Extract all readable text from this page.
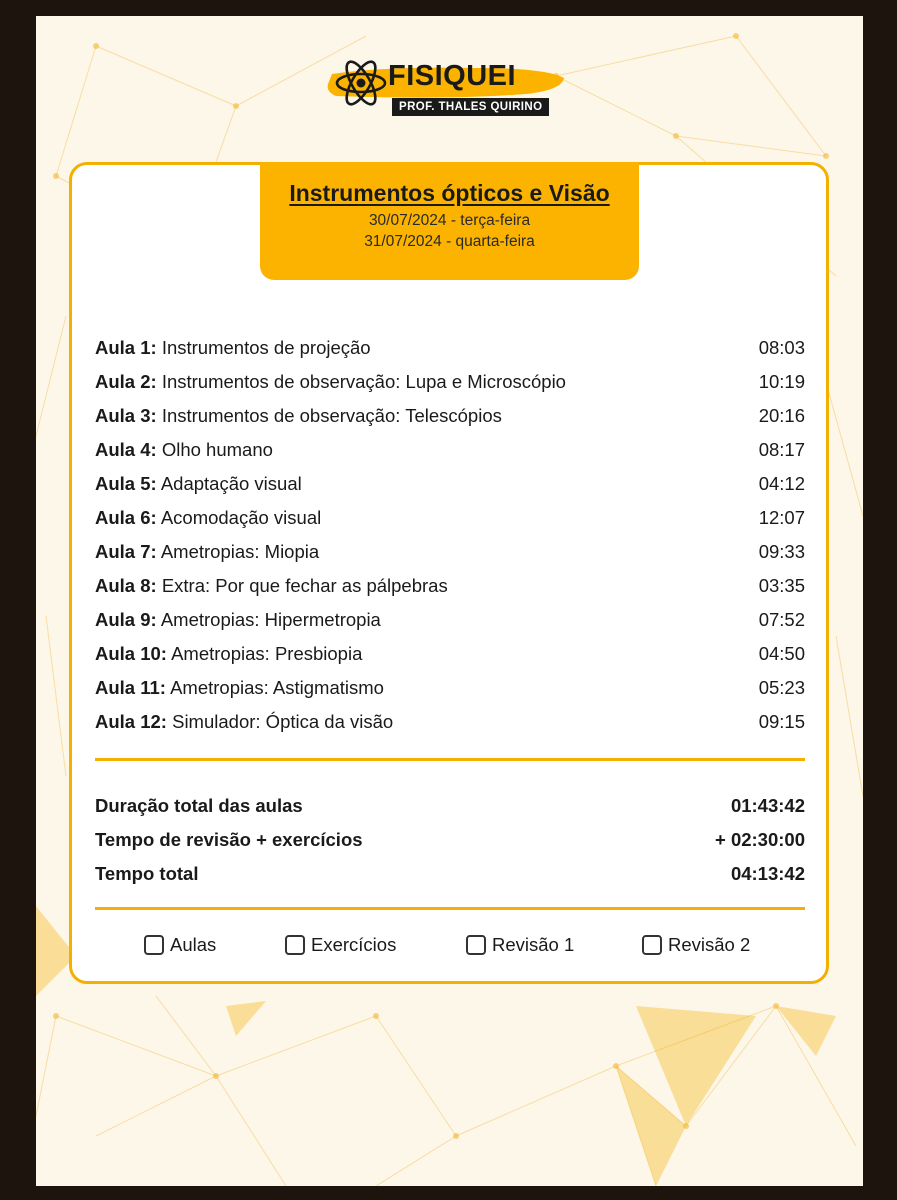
FISIQUEI
PROF. THALES QUIRINO
Instrumentos ópticos e Visão
30/07/2024 - terça-feira
31/07/2024 - quarta-feira
Aula 1: Instrumentos de projeção	08:03
Aula 2: Instrumentos de observação: Lupa e Microscópio	10:19
Aula 3: Instrumentos de observação: Telescópios	20:16
Aula 4: Olho humano	08:17
Aula 5: Adaptação visual	04:12
Aula 6: Acomodação visual	12:07
Aula 7: Ametropias: Miopia	09:33
Aula 8: Extra: Por que fechar as pálpebras	03:35
Aula 9: Ametropias: Hipermetropia	07:52
Aula 10: Ametropias: Presbiopia	04:50
Aula 11: Ametropias: Astigmatismo	05:23
Aula 12: Simulador: Óptica da visão	09:15
Duração total das aulas	01:43:42
Tempo de revisão + exercícios	+ 02:30:00
Tempo total	04:13:42
Aulas	Exercícios	Revisão 1	Revisão 2
